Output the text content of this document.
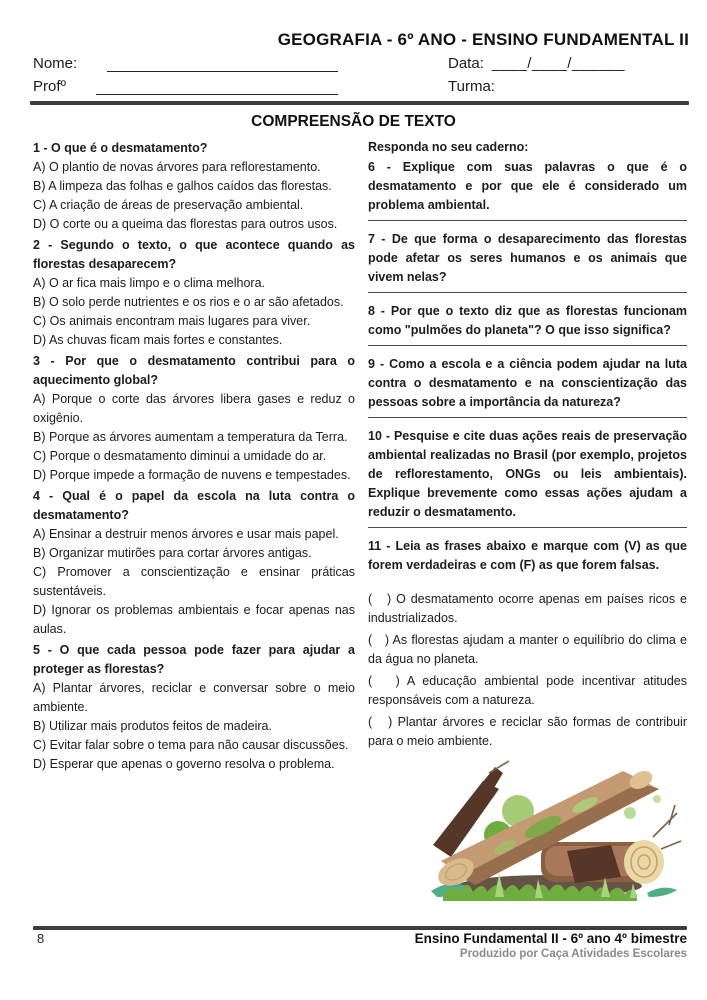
GEOGRAFIA - 6º ANO - ENSINO FUNDAMENTAL II
Nome:
Profº
Data: ____/____/______
Turma:
COMPREENSÃO DE TEXTO

1 - O que é o desmatamento?

A) O plantio de novas árvores para reflorestamento.

B) A limpeza das folhas e galhos caídos das florestas.

C) A criação de áreas de preservação ambiental.

D) O corte ou a queima das florestas para outros usos.

2 - Segundo o texto, o que acontece quando as florestas desaparecem?

A) O ar fica mais limpo e o clima melhora.

B) O solo perde nutrientes e os rios e o ar são afetados.

C) Os animais encontram mais lugares para viver.

D) As chuvas ficam mais fortes e constantes.

3 - Por que o desmatamento contribui para o aquecimento global?

A) Porque o corte das árvores libera gases e reduz o oxigênio.

B) Porque as árvores aumentam a temperatura da Terra.

C) Porque o desmatamento diminui a umidade do ar.

D) Porque impede a formação de nuvens e tempestades.

4 - Qual é o papel da escola na luta contra o desmatamento?

A) Ensinar a destruir menos árvores e usar mais papel.

B) Organizar mutirões para cortar árvores antigas.

C) Promover a conscientização e ensinar práticas sustentáveis.

D) Ignorar os problemas ambientais e focar apenas nas aulas.

5 - O que cada pessoa pode fazer para ajudar a proteger as florestas?

A) Plantar árvores, reciclar e conversar sobre o meio ambiente.

B) Utilizar mais produtos feitos de madeira.

C) Evitar falar sobre o tema para não causar discussões.

D) Esperar que apenas o governo resolva o problema.

Responda no seu caderno:

6 - Explique com suas palavras o que é o desmatamento e por que ele é considerado um problema ambiental.

7 - De que forma o desaparecimento das florestas pode afetar os seres humanos e os animais que vivem nelas?

8 - Por que o texto diz que as florestas funcionam como "pulmões do planeta"? O que isso significa?

9 - Como a escola e a ciência podem ajudar na luta contra o desmatamento e na conscientização das pessoas sobre a importância da natureza?

10 - Pesquise e cite duas ações reais de preservação ambiental realizadas no Brasil (por exemplo, projetos de reflorestamento, ONGs ou leis ambientais). Explique brevemente como essas ações ajudam a reduzir o desmatamento.

11 - Leia as frases abaixo e marque com (V) as que forem verdadeiras e com (F) as que forem falsas.

(   ) O desmatamento ocorre apenas em países ricos e industrializados.

(   ) As florestas ajudam a manter o equilíbrio do clima e da água no planeta.

(   ) A educação ambiental pode incentivar atitudes responsáveis com a natureza.

(   ) Plantar árvores e reciclar são formas de contribuir para o meio ambiente.

8	Ensino Fundamental II - 6º ano 4º bimestre
Produzido por Caça Atividades Escolares
